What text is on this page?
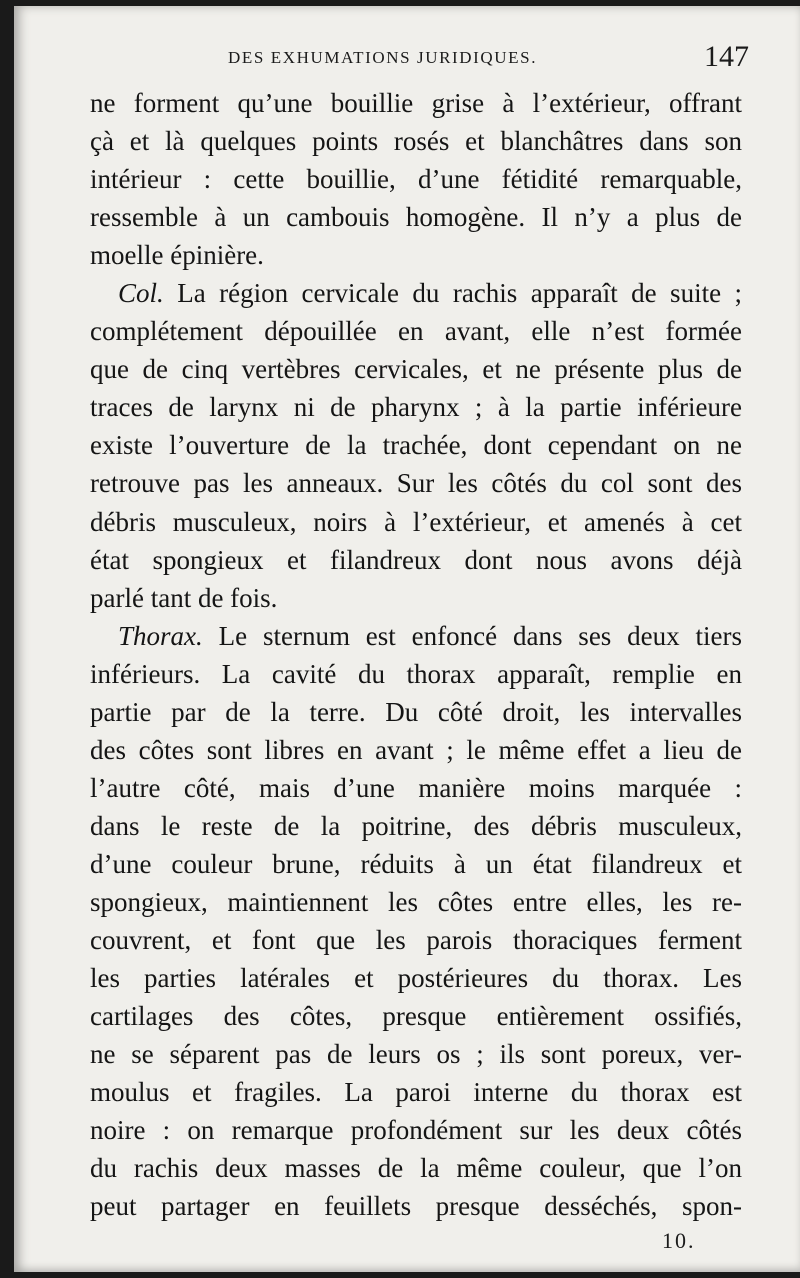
DES EXHUMATIONS JURIDIQUES.	147
ne forment qu’une bouillie grise à l’extérieur, offrant
çà et là quelques points rosés et blanchâtres dans son
intérieur : cette bouillie, d’une fétidité remarquable,
ressemble à un cambouis homogène. Il n’y a plus de
moelle épinière.
Col. La région cervicale du rachis apparaît de suite ;
complétement dépouillée en avant, elle n’est formée
que de cinq vertèbres cervicales, et ne présente plus de
traces de larynx ni de pharynx ; à la partie inférieure
existe l’ouverture de la trachée, dont cependant on ne
retrouve pas les anneaux. Sur les côtés du col sont des
débris musculeux, noirs à l’extérieur, et amenés à cet
état spongieux et filandreux dont nous avons déjà
parlé tant de fois.
Thorax. Le sternum est enfoncé dans ses deux tiers
inférieurs. La cavité du thorax apparaît, remplie en
partie par de la terre. Du côté droit, les intervalles
des côtes sont libres en avant ; le même effet a lieu de
l’autre côté, mais d’une manière moins marquée :
dans le reste de la poitrine, des débris musculeux,
d’une couleur brune, réduits à un état filandreux et
spongieux, maintiennent les côtes entre elles, les re-
couvrent, et font que les parois thoraciques ferment
les parties latérales et postérieures du thorax. Les
cartilages des côtes, presque entièrement ossifiés,
ne se séparent pas de leurs os ; ils sont poreux, ver-
moulus et fragiles. La paroi interne du thorax est
noire : on remarque profondément sur les deux côtés
du rachis deux masses de la même couleur, que l’on
peut partager en feuillets presque desséchés, spon-
10.
